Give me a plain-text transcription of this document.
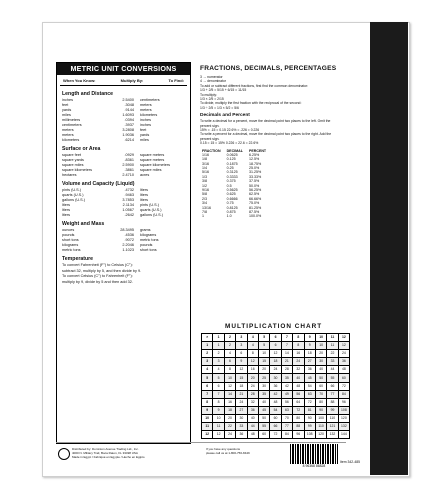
METRIC UNIT CONVERSIONS
When You Know:	Multiply By:	To Find:
Length and Distance
inches	2.5400	centimeters
feet	.3048	meters
yards	.9144	meters
miles	1.6093	kilometers
millimeters	.0394	inches
centimeters	.3937	inches
meters	3.2808	feet
meters	1.9036	yards
kilometers	.6214	miles
Surface or Area
square feet	.0929	square meters
square yards	.8361	square meters
square miles	2.5900	square kilometers
square kilometers	.3861	square miles
hectares	2.4710	acres
Volume and Capacity (Liquid)
pints (U.S.)	.4732	liters
quarts (U.S.)	.9463	liters
gallons (U.S.)	3.7853	liters
liters	2.1134	pints (U.S.)
liters	1.0567	quarts (U.S.)
liters	.2642	gallons (U.S.)
Weight and Mass
ounces	28.3495	grams
pounds	.4536	kilograms
short tons	.9072	metric tons
kilograms	2.2046	pounds
metric tons	1.1023	short tons
Temperature
To convert Fahrenheit (F°) to Celsius (C°):
subtract 32, multiply by 5, and then divide by 9.
To convert Celsius (C°) to Fahrenheit (F°):
multiply by 9, divide by 5 and then add 32.
FRACTIONS, DECIMALS, PERCENTAGES
3 → numerator
4 → denominator
To add or subtract different fractions, first find the common denominator:
1/3 + 2/5 = 5/15 + 6/15 = 11/15
To multiply:
1/3 × 2/5 = 2/15
To divide, multiply the first fraction with the reciprocal of the second:
1/3 ÷ 2/5 = 1/3 × 5/2 = 5/6
Decimals and Percent
To write a decimal for a percent, move the decimal point two places to the left. Omit the percent sign.
15% = .15 = 0.15 22.6% = .226 = 0.226
To write a percent for a decimal, move the decimal point two places to the right. Add the percent sign.
0.15 = 15 = 15% 0.226 = 22.6 = 22.6%
FRACTION	DECIMAL	PERCENT
1/16	0.0625	6.25%
1/8	0.125	12.5%
3/16	0.1875	18.75%
1/4	0.25	25.0%
5/16	0.3125	31.25%
1/3	0.3333	33.33%
3/8	0.375	37.5%
1/2	0.5	50.0%
9/16	0.5625	56.25%
5/8	0.625	62.5%
2/3	0.6666	66.66%
3/4	0.75	75.0%
13/16	0.8125	81.25%
7/8	0.875	87.5%
1	1.0	100.0%
MULTIPLICATION CHART
×	1	2	3	4	5	6	7	8	9	10	11	12
1	1	2	3	4	5	6	7	8	9	10	11	12
2	2	4	6	8	10	12	14	16	18	20	22	24
3	3	6	9	12	15	18	21	24	27	30	33	36
4	4	8	12	16	20	24	28	32	36	40	44	48
5	5	10	15	20	25	30	35	40	45	50	55	60
6	6	12	18	24	30	36	42	48	54	60	66	72
7	7	14	21	28	35	42	49	56	63	70	77	84
8	8	16	24	32	40	48	56	64	72	80	88	96
9	9	18	27	36	45	54	63	72	81	90	99	108
10	10	20	30	40	50	60	70	80	90	100	110	120
11	11	22	33	44	55	66	77	88	99	110	121	132
12	12	24	36	48	60	72	84	96	108	120	132	144
Distributed by: Dominion Avenue Trading Ltd., Inc.
4000 N. Military Trail, Boca Raton, FL 33498 USA
Made in Egypt / Fabriqué en Egypte / Hecho en Egipto
If you have any questions
please call us at 1-800-756-8449
8 96368 86828
Item 342-485
